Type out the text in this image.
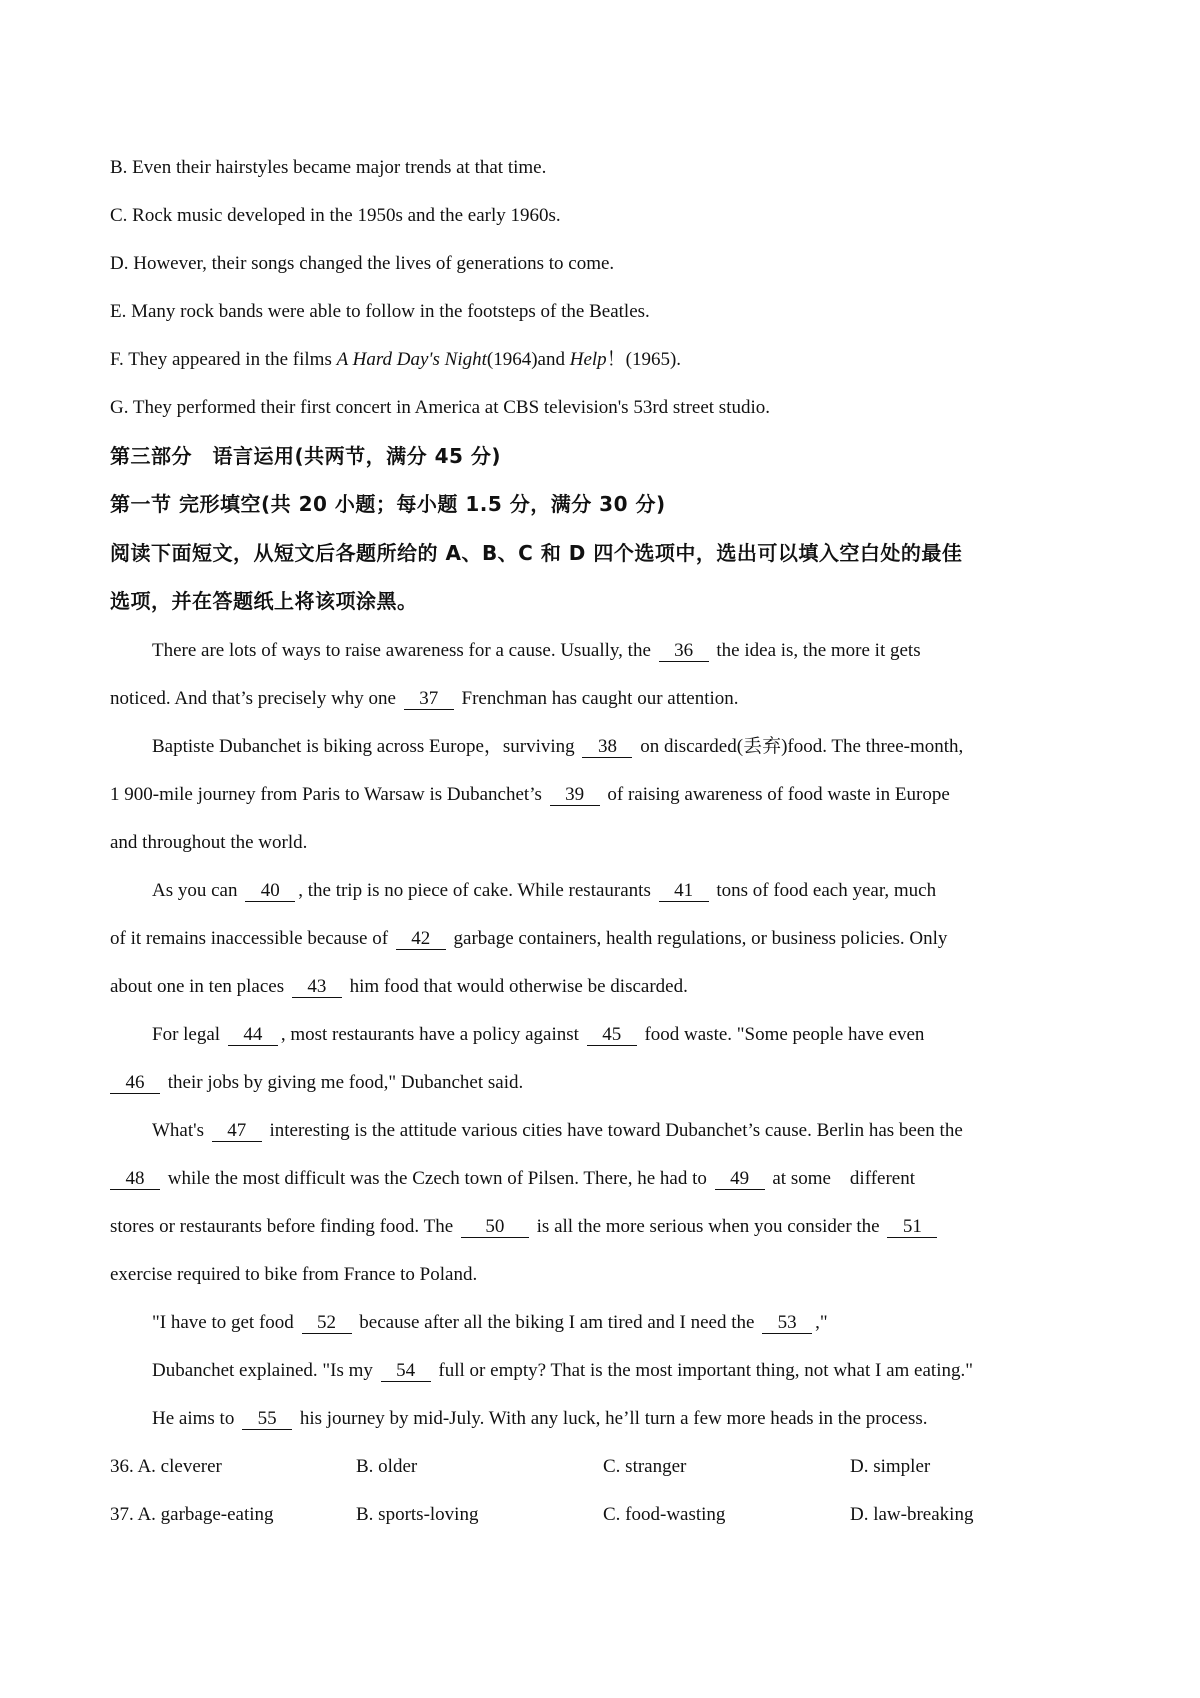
B. Even their hairstyles became major trends at that time.
C. Rock music developed in the 1950s and the early 1960s.
D. However, their songs changed the lives of generations to come.
E. Many rock bands were able to follow in the footsteps of the Beatles.
F. They appeared in the films A Hard Day's Night(1964)and Help！(1965).
G. They performed their first concert in America at CBS television's 53rd street studio.
第三部分　语言运用(共两节，满分 45 分)
第一节 完形填空(共 20 小题；每小题 1.5 分，满分 30 分)
阅读下面短文，从短文后各题所给的 A、B、C 和 D 四个选项中，选出可以填入空白处的最佳
选项，并在答题纸上将该项涂黑。
There are lots of ways to raise awareness for a cause. Usually, the 36 the idea is, the more it gets
noticed. And that’s precisely why one 37 Frenchman has caught our attention.
Baptiste Dubanchet is biking across Europe，surviving 38 on discarded(丢弃)food. The three-month,
1 900-mile journey from Paris to Warsaw is Dubanchet’s 39 of raising awareness of food waste in Europe
and throughout the world.
As you can 40 , the trip is no piece of cake. While restaurants 41 tons of food each year, much
of it remains inaccessible because of 42 garbage containers, health regulations, or business policies. Only
about one in ten places 43 him food that would otherwise be discarded.
For legal 44 , most restaurants have a policy against 45 food waste. "Some people have even
46 their jobs by giving me food," Dubanchet said.
What's 47 interesting is the attitude various cities have toward Dubanchet’s cause. Berlin has been the
48 while the most difficult was the Czech town of Pilsen. There, he had to 49 at some　different
stores or restaurants before finding food. The 50 is all the more serious when you consider the 51
exercise required to bike from France to Poland.
"I have to get food 52 because after all the biking I am tired and I need the 53 ,"
Dubanchet explained. "Is my 54 full or empty? That is the most important thing, not what I am eating."
He aims to 55 his journey by mid-July. With any luck, he’ll turn a few more heads in the process.
36. A. cleverer	B. older	C. stranger	D. simpler
37. A. garbage-eating	B. sports-loving	C. food-wasting	D. law-breaking
